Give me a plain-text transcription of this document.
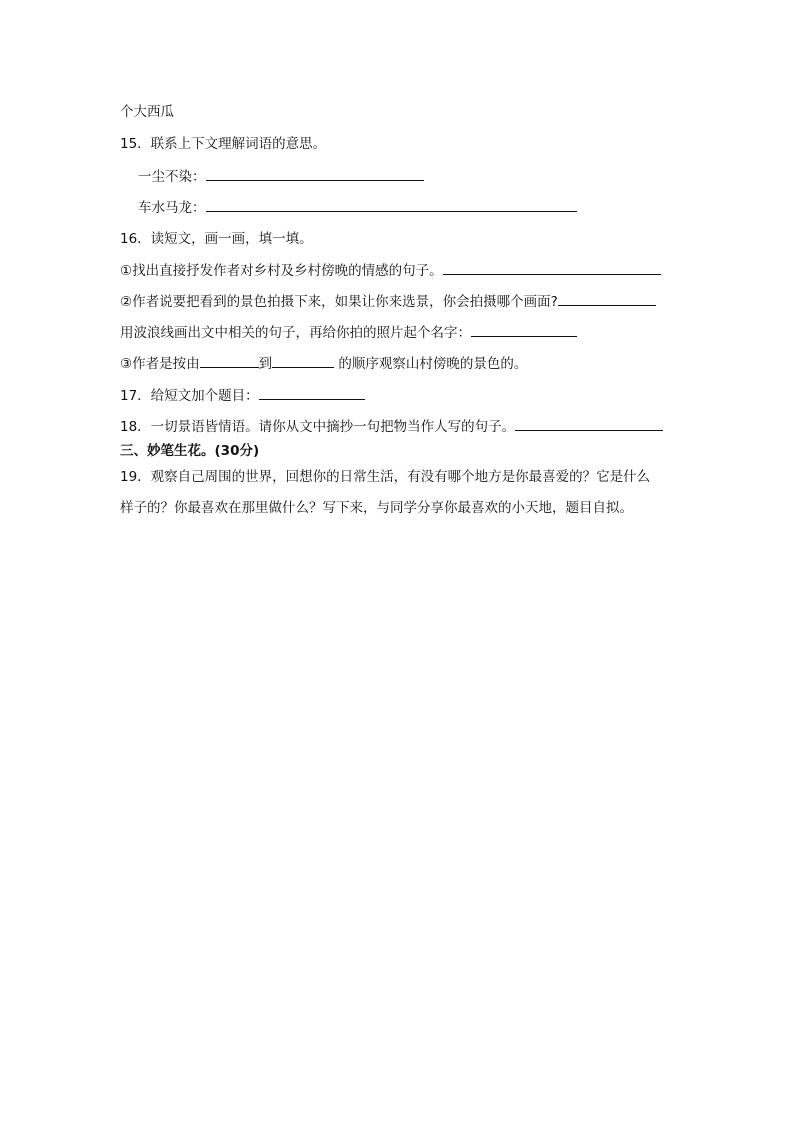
个大西瓜
15．联系上下文理解词语的意思。
一尘不染：
车水马龙：
16．读短文，画一画，填一填。
①找出直接抒发作者对乡村及乡村傍晚的情感的句子。
②作者说要把看到的景色拍摄下来，如果让你来选景，你会拍摄哪个画面?
用波浪线画出文中相关的句子，再给你拍的照片起个名字：
③作者是按由	到	的顺序观察山村傍晚的景色的。
17．给短文加个题目：
18．一切景语皆情语。请你从文中摘抄一句把物当作人写的句子。
三、妙笔生花。(30分)
19．观察自己周围的世界，回想你的日常生活，有没有哪个地方是你最喜爱的？它是什么
样子的？你最喜欢在那里做什么？写下来，与同学分享你最喜欢的小天地，题目自拟。
